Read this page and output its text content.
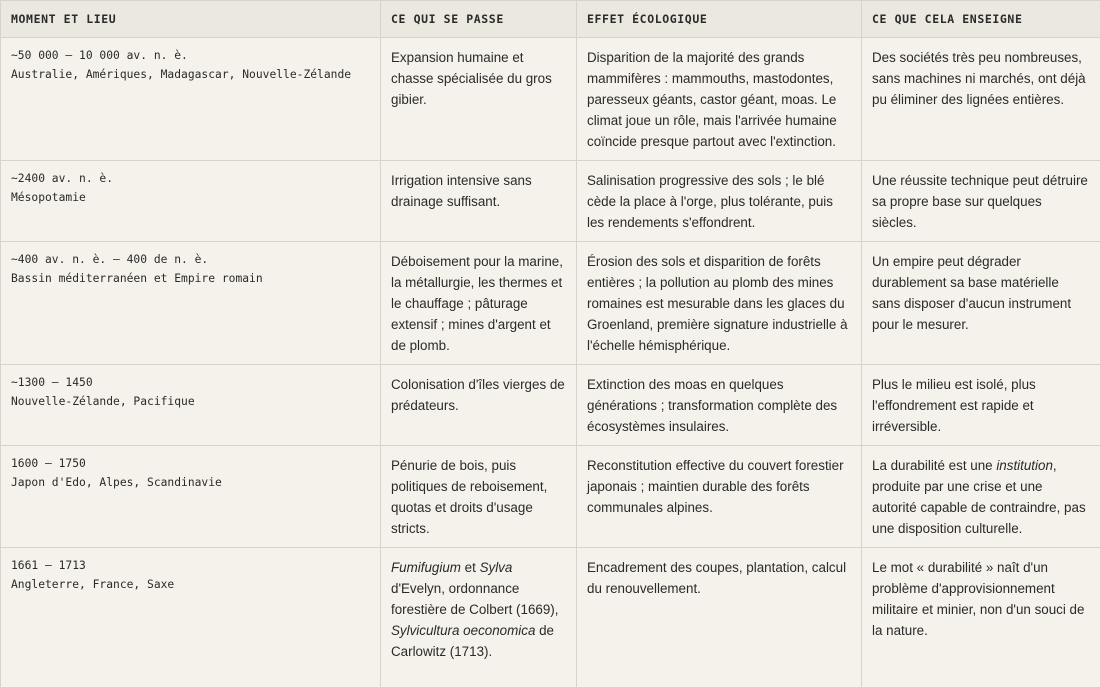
MOMENT ET LIEU	CE QUI SE PASSE	EFFET ÉCOLOGIQUE	CE QUE CELA ENSEIGNE

~50 000 – 10 000 av. n. è.
Australie, Amériques, Madagascar, Nouvelle-Zélande	Expansion humaine et chasse spécialisée du gros gibier.	Disparition de la majorité des grands mammifères : mammouths, mastodontes, paresseux géants, castor géant, moas. Le climat joue un rôle, mais l'arrivée humaine coïncide presque partout avec l'extinction.	Des sociétés très peu nombreuses, sans machines ni marchés, ont déjà pu éliminer des lignées entières.

~2400 av. n. è.
Mésopotamie	Irrigation intensive sans drainage suffisant.	Salinisation progressive des sols ; le blé cède la place à l'orge, plus tolérante, puis les rendements s'effondrent.	Une réussite technique peut détruire sa propre base sur quelques siècles.

~400 av. n. è. – 400 de n. è.
Bassin méditerranéen et Empire romain	Déboisement pour la marine, la métallurgie, les thermes et le chauffage ; pâturage extensif ; mines d'argent et de plomb.	Érosion des sols et disparition de forêts entières ; la pollution au plomb des mines romaines est mesurable dans les glaces du Groenland, première signature industrielle à l'échelle hémisphérique.	Un empire peut dégrader durablement sa base matérielle sans disposer d'aucun instrument pour le mesurer.

~1300 – 1450
Nouvelle-Zélande, Pacifique	Colonisation d'îles vierges de prédateurs.	Extinction des moas en quelques générations ; transformation complète des écosystèmes insulaires.	Plus le milieu est isolé, plus l'effondrement est rapide et irréversible.

1600 – 1750
Japon d'Edo, Alpes, Scandinavie	Pénurie de bois, puis politiques de reboisement, quotas et droits d'usage stricts.	Reconstitution effective du couvert forestier japonais ; maintien durable des forêts communales alpines.	La durabilité est une institution, produite par une crise et une autorité capable de contraindre, pas une disposition culturelle.

1661 – 1713
Angleterre, France, Saxe	Fumifugium et Sylva d'Evelyn, ordonnance forestière de Colbert (1669), Sylvicultura oeconomica de Carlowitz (1713).	Encadrement des coupes, plantation, calcul du renouvellement.	Le mot « durabilité » naît d'un problème d'approvisionnement militaire et minier, non d'un souci de la nature.
